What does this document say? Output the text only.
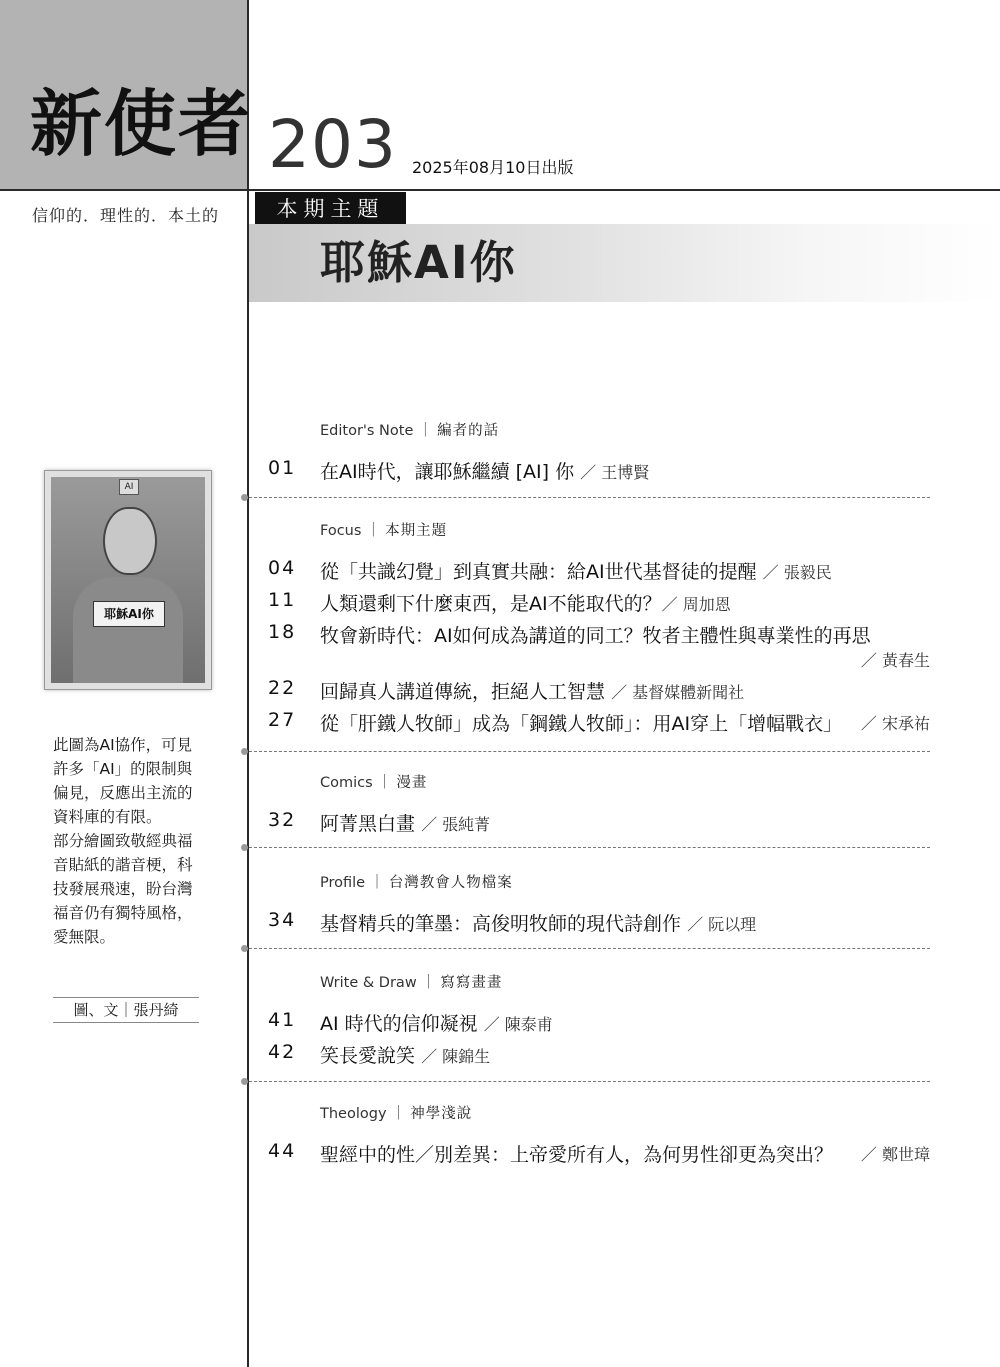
新使者 203 2025年08月10日出版
信仰的．理性的．本土的	本期主題
耶穌AI你
AI
耶穌AI你

此圖為AI協作，可見許多「AI」的限制與偏見，反應出主流的資料庫的有限。

部分繪圖致敬經典福音貼紙的諧音梗，科技發展飛速，盼台灣福音仍有獨特風格，愛無限。

圖、文｜張丹綺
Editor's Note ｜ 編者的話
01 在AI時代，讓耶穌繼續 [AI] 你 ／ 王博賢
Focus ｜ 本期主題
04 從「共識幻覺」到真實共融：給AI世代基督徒的提醒 ／ 張毅民
11 人類還剩下什麼東西，是AI不能取代的？／ 周加恩
18 牧會新時代：AI如何成為講道的同工？牧者主體性與專業性的再思
／ 黃春生
22 回歸真人講道傳統，拒絕人工智慧 ／ 基督媒體新聞社
27 從「肝鐵人牧師」成為「鋼鐵人牧師」：用AI穿上「增幅戰衣」 ／ 宋承祐
Comics ｜ 漫畫
32 阿菁黑白畫 ／ 張純菁
Profile ｜ 台灣教會人物檔案
34 基督精兵的筆墨：高俊明牧師的現代詩創作 ／ 阮以理
Write & Draw ｜ 寫寫畫畫
41 AI 時代的信仰凝視 ／ 陳泰甫
42 笑長愛說笑 ／ 陳錦生
Theology ｜ 神學淺說
44 聖經中的性／別差異：上帝愛所有人，為何男性卻更為突出？ ／ 鄭世璋
